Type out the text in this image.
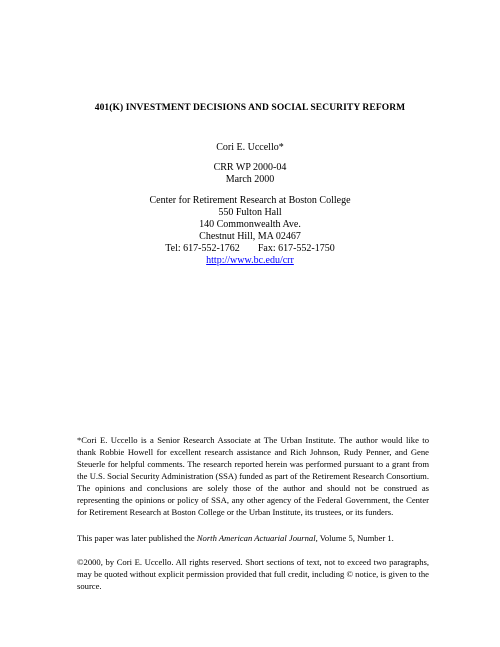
401(K) INVESTMENT DECISIONS AND SOCIAL SECURITY REFORM
Cori E. Uccello*
CRR WP 2000-04
March 2000
Center for Retirement Research at Boston College
550 Fulton Hall
140 Commonwealth Ave.
Chestnut Hill, MA 02467
Tel: 617-552-1762 Fax: 617-552-1750
http://www.bc.edu/crr
*Cori E. Uccello is a Senior Research Associate at The Urban Institute. The author would like to thank Robbie Howell for excellent research assistance and Rich Johnson, Rudy Penner, and Gene Steuerle for helpful comments. The research reported herein was performed pursuant to a grant from the U.S. Social Security Administration (SSA) funded as part of the Retirement Research Consortium. The opinions and conclusions are solely those of the author and should not be construed as representing the opinions or policy of SSA, any other agency of the Federal Government, the Center for Retirement Research at Boston College or the Urban Institute, its trustees, or its funders.
This paper was later published the North American Actuarial Journal, Volume 5, Number 1.
©2000, by Cori E. Uccello. All rights reserved. Short sections of text, not to exceed two paragraphs, may be quoted without explicit permission provided that full credit, including © notice, is given to the source.
